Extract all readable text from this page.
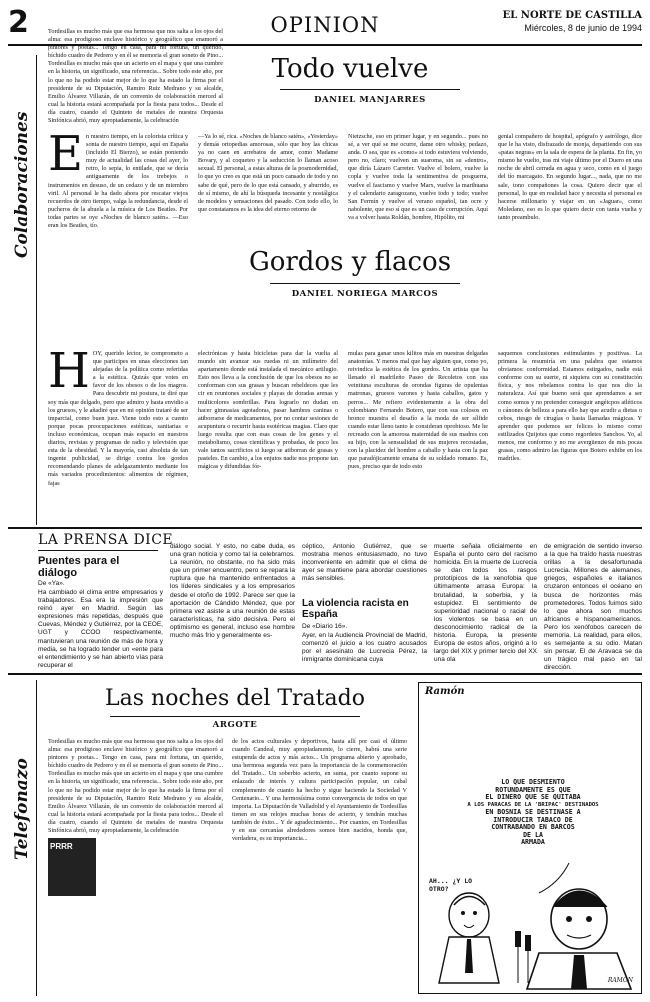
2	OPINION	EL NORTE DE CASTILLA
Miércoles, 8 de junio de 1994
Colaboraciones
Todo vuelve
DANIEL MANJARRES
E n nuestro tiempo, en la colorista crítica y sonta de nuestro tiempo, aquí en España (incluido El Bierzo), se están poniendo muy de actualidad las cosas del ayer, lo retro, lo sepia, lo entilade, que se decía antiguamente de los trebejos o instrumentos en desuso, de un cedazo y de un miembro viril. Al personal le ha dado ahora por rescatar viejos recuerdos de otro tiempo, valga la redundancia, desde el pucheros de la abuela a la música de Los Beatles. Por todas partes se oye «Noches de blanco satén». —Eso eran los Beatles, tío.
—Ya lo sé, rica. «Noches de blanco satén», «Yesterday» y demás ortopedias amorosas, sólo que hoy las chicas ya no caen en arrebatos de amor, como Madame Bovary, y al coqueteo y la seducción lo llaman acoso sexual. El personal, a estas alturas de la posmodernidad, lo que yo creo es que está un poco cansado de todo y no sabe de qué, pero de lo que está cansado, y aburrido, es de sí mismo, de ahí la búsqueda incesante y nostálgica de modelos y sensaciones del pasado. Con todo ello, lo que constatamos es la idea del eterno retorno de
Nietzsche, eso en primer lugar, y en segundo... pues no sé, a ver qué se me ocurre, dame otro whisky, pedazo, anda. O sea, que es «como» si todo estuviera volviendo, pero no, claro; vuelven un suaroma, sin su «dentro», que diría Lázaro Carreter. Vuelve el bolero, vuelve la copla y vuelve toda la sentimentiva de posguerra, vuelve el fascismo y vuelve Marx, vuelve la marihuana y el calendario zaragozano, vuelve todo y todo; vuelve San Fermín y vuelve el verano español, tan ocre y nabolente, que eso sí que es un caso de corrupción. Aquí va a volver hasta Roldán, hombre, Hipólito, mi
genial compañero de hospital, apógrafo y astrólogo, dice que le ha visto, disfrazado de monja, departiendo con sus «patas negras» en la sala de espera de la planta. En fin, yo mismo he vuelto, tras mi viaje último por el Duero en una noche de abril cerrada en agua y seco, como en el juego del tío marcagato. En segundo lugar..., nada, que no me sale, tono compañones la cosa. Quiero decir que el personal, lo que en realidad hace y necesita el personal es hacerse millonario y viajar en un «Jaguar», como Moledano, eso es lo que quiero decir con tanta vuelta y tanto preambulo.
Gordos y flacos
DANIEL NORIEGA MARCOS
H OY, querido lector, te comprometo a que participes en unas elecciones tan alejadas de la política como referidas a la estética. Quizás que votes en favor de los obesos o de los magros. Para descubrir mi postura, te diré que soy más que delgado, pero que admiro y hasta envidio a los gruesos, y le añadiré que en mi opinión trataré de ser imparcial, como buen juez. Viene todo esto a cuento porque pocas preocupaciones estéticas, sanitarias e incluso económicas, ocupan más espacio en nuestros diarios, revistas y programas de radio y televisión que esta de la obesidad. Y la mayoría, casi absoluta de tan ingente publicidad, se dirige contra los gordos recomendando planes de adelgazamiento mediante los más variados procedimientos: alimentos de régimen, fajas
electrónicas y hasta bicicletas para dar la vuelta al mundo sin avanzar sus ruedas ni un milímetro del apartamento donde está instalada el mecánico artilugio. Esto nos lleva a la conclusión de que los obesos no se conforman con sus grasas y buscan rebeldeces que les cir en reuniones sociales y playas de doradas arenas y multicolores sombrillas. Para lograrlo no dudan en hacer gimnasias agotadoras, pasar hambres caninas o atiborrarse de medicamentos, por no contar sesiones de acupuntura o recurrir hasta esotéricas magias. Claro que luego resulta que con esas cosas de los genes y el metabolismo, cosas científicas y probadas, de poco les vale tantos sacrificios si luego se atiborran de grasas y pasteles. En cambio, a los enjutos nadie nos propone tan mágicas y difundidas fór-
mulas para ganar unos kilitos más en nuestras delgadas anatomías. Y menos mal que hay alguien que, como yo, reivindica la estética de los gordos. Un artista que ha llenado el madrileño Paseo de Recoletos con sus veintiuna esculturas de orondas figuras de opulentas matronas, gruesos varones y hasta caballos, gatos y perros... Me refiero evidentemente a la obra del colombiano Fernando Botero, que con sus colosos en bronce muestra el desafío a la moda de ser sílfide cuando estar lleno tanto le consideran oprobioso. Me he recreado con la amorosa maternidad de sus madres con su hijo, con la sensualidad de sus mujeres recostadas, con la placidez del hombre a caballo y hasta con la paz que paradójicamente emana de su soldado romano. Es, pues, preciso que de todo esto
saquemos conclusiones estimulantes y positivas. La primera la resumiría en una palabra que estamos obviamos: conformidad. Estamos estirgados, nadie está conforme con su suerte, ni siquiera con su constitución física, y nos rebelamos contra lo que nos dio la naturaleza. Así que bueno será que aprendamos a ser como somos y no pretender conseguir angéicpos atléticos o cánones de belleza a para ello hay que acudir a dietas o cebos, riesgo de cirugías o hasta llamadas mágicas. Y aprender que podemos ser felices lo mismo como estilizados Quijotes que como regordetes Sanchos. Yo, al menos, me conformo y no me avergüenzo de mis pocas grasas, como admiro las figuras que Botero exhibe en los madriles.
LA PRENSA DICE
Puentes para el diálogo
De «Ya».
Ha cambiado el clima entre empresarios y trabajadores. Esa era la impresión que reinó ayer en Madrid. Según las expresiones más repetidas, después que Cuevas, Méndez y Gutiérrez, por la CEOE, UGT y CCOO respectivamente, mantuvieran una reunión de más de hora y media, se ha logrado tender un «ente para el entendimiento y se han abierto vías para recuperar el
diálogo social. Y esto, no cabe duda, es una gran noticia y como tal la celebramos. La reunión, no obstante, no ha sido más que un primer encuentro, pero se repara la ruptura que ha mantenido enfrentados a los líderes sindicales y a los empresarios desde el otoño de 1992. Parece ser que la aportación de Cándido Méndez, que por primera vez asiste a una reunión de estas características, ha sido decisiva. Pero el optimismo es general, incluso ese hombre mucho más frío y generalmente es-
céptico, Antonio Gutiérrez, que se mostraba menos entusiasmado, no tuvo inconveniente en admitir que el clima de ayer se mantiene para abordar cuestiones más sensibles.
La violencia racista en España
De «Diario 16».
Ayer, en la Audiencia Provincial de Madrid, comenzó el juicio a los cuatro acusados por el asesinato de Lucrecia Pérez, la inmigrante dominicana cuya
muerte señala oficialmente en España el punto cero del racismo homicida. En la muerte de Lucrecia se dan todos los rasgos prototípicos de la xenofobia que últimamente arrasa Europa: la brutalidad, la soberbia, y la estupidez. El sentimiento de superioridad nacional o racial de los violentos se basa en un desconocimiento radical de la historia. Europa, la presente Europa de estos años, originó a lo largo del XIX y primer tercio del XX una ola
de emigración de sentido inverso a la que ha traído hasta nuestras orillas a la desafortunada Lucrecia. Millones de alemanes, griegos, españoles e italianos cruzaron entonces el océano en busca de horizontes más prometedores. Todos fuimos sido lo que ahora son muchos africanos e hispanoamericanos. Pero los xenófobos carecen de memoria. La realidad, para ellos, es semejante a su odio. Matan sin pensar. El de Aravaca se da un trágico mal paso en tal dirección.
Telefonazo
Las noches del Tratado
ARGOTE
Tordesillas es mucho más que esa hermosa que nos salta a los ojos del alma: esa prodigioso enclave histórico y geográfico que enamoró a pintores y poetas... Tengo en casa, para mi fortuna, un querido, bíchido cuadro de Pedrero y en él se memoria el gran soneto de Pino... Tordesillas es mucho más que un acierto en el mapa y que una cumbre en la historia, un significado, una referencia... Sobre todo este año, por lo que no ha podido estar mejor de lo que ha estado la firma por el presidente de su Diputación, Ramiro Ruiz Medrano y su alcalde, Emilio Álvarez Villazán, de un convenio de colaboración merced al cual la historia estará acompañada por la fiesta para todos... Desde el día cuatro, cuando el Quinteto de metales de nuestra Orquesta Sinfónica abrió, muy apropiadamente, la celebración
Tordesillas es mucho más que esa hermosa que nos salta a los ojos del alma: esa prodigioso enclave histórico y geográfico que enamoró a pintores y poetas... Tengo en casa, para mi fortuna, un querido, bíchido cuadro de Pedrero y en él se memoria el gran soneto de Pino... Tordesillas es mucho más que un acierto en el mapa y que una cumbre en la historia, un significado, una referencia... Sobre todo este año, por lo que no ha podido estar mejor de lo que ha estado la firma por el presidente de su Diputación, Ramiro Ruiz Medrano y su alcalde, Emilio Álvarez Villazán, de un convenio de colaboración merced al cual la historia estará acompañada por la fiesta para todos... Desde el día cuatro, cuando el Quinteto de metales de nuestra Orquesta Sinfónica abrió, muy apropiadamente, la celebración
PRRR
de los actos culturales y deportivos, hasta allí por casi el último cuando Candeal, muy apropiadamente, lo cierre, habrá una serie estupenda de actos y más actos... Un programa abierto y aprobado, una hermosa segunda vez para la importancia de la conmemoración del Tratado... Un soberbio acierto, en suma, por cuanto supone su enlazado de interés y cultura participación popular, un cabal complemento de cuanto ha hecho y sigue haciendo la Sociedad V Centenario... Y una hermosísima como convergencia de todos en que importa. La Diputación de Valladolid y el Ayuntamiento de Tordesillas tienen en sus relojes muchas horas de acierto, y tendrán muchas también de éxito... Y de agradecimiento... Por cuantos, en Tordesillas y en sus cercanías alrededores somos bien nacidos, honda que, verdadera, es su importancia...
Ramón
LO QUE DESMIENTO
ROTUNDAMENTE ES QUE
EL DINERO QUE SE QUITABA
A LOS PARACAS DE LA 'BRIPAC' DESTINADOS
EN BOSNIA SE DESTINASE A
INTRODUCIR TABACO DE
CONTRABANDO EN BARCOS
DE LA
ARMADA
AH... ¿Y LO OTRO?
RAMÓN
